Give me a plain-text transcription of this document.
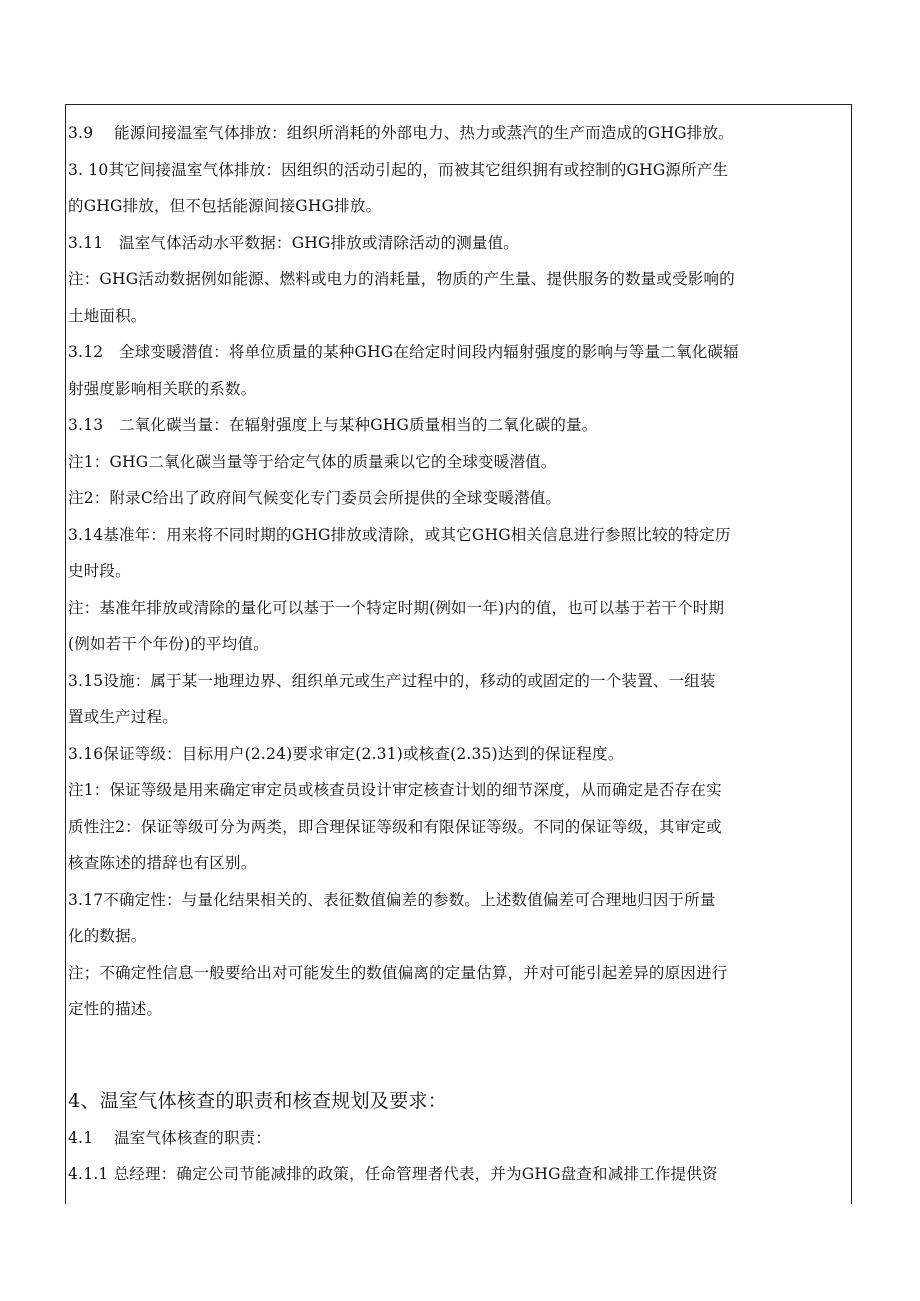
3.9　 能源间接温室气体排放：组织所消耗的外部电力、热力或蒸汽的生产而造成的GHG排放。
3. 10其它间接温室气体排放：因组织的活动引起的，而被其它组织拥有或控制的GHG源所产生
的GHG排放，但不包括能源间接GHG排放。
3.11　温室气体活动水平数据：GHG排放或清除活动的测量值。
注：GHG活动数据例如能源、燃料或电力的消耗量，物质的产生量、提供服务的数量或受影响的
土地面积。
3.12　全球变暖潜值：将单位质量的某种GHG在给定时间段内辐射强度的影响与等量二氧化碳辐
射强度影响相关联的系数。
3.13　二氧化碳当量：在辐射强度上与某种GHG质量相当的二氧化碳的量。
注1：GHG二氧化碳当量等于给定气体的质量乘以它的全球变暖潜值。
注2：附录C给出了政府间气候变化专门委员会所提供的全球变暖潜值。
3.14基准年：用来将不同时期的GHG排放或清除，或其它GHG相关信息进行参照比较的特定历
史时段。
注：基准年排放或清除的量化可以基于一个特定时期(例如一年)内的值，也可以基于若干个时期
(例如若干个年份)的平均值。
3.15设施：属于某一地理边界、组织单元或生产过程中的，移动的或固定的一个装置、一组装
置或生产过程。
3.16保证等级：目标用户(2.24)要求审定(2.31)或核查(2.35)达到的保证程度。
注1：保证等级是用来确定审定员或核查员设计审定核查计划的细节深度，从而确定是否存在实
质性注2：保证等级可分为两类，即合理保证等级和有限保证等级。不同的保证等级，其审定或
核查陈述的措辞也有区别。
3.17不确定性：与量化结果相关的、表征数值偏差的参数。上述数值偏差可合理地归因于所量
化的数据。
注；不确定性信息一般要给出对可能发生的数值偏离的定量估算，并对可能引起差异的原因进行
定性的描述。
4、温室气体核查的职责和核查规划及要求：
4.1　 温室气体核查的职责：
4.1.1 总经理：确定公司节能减排的政策，任命管理者代表，并为GHG盘查和减排工作提供资
